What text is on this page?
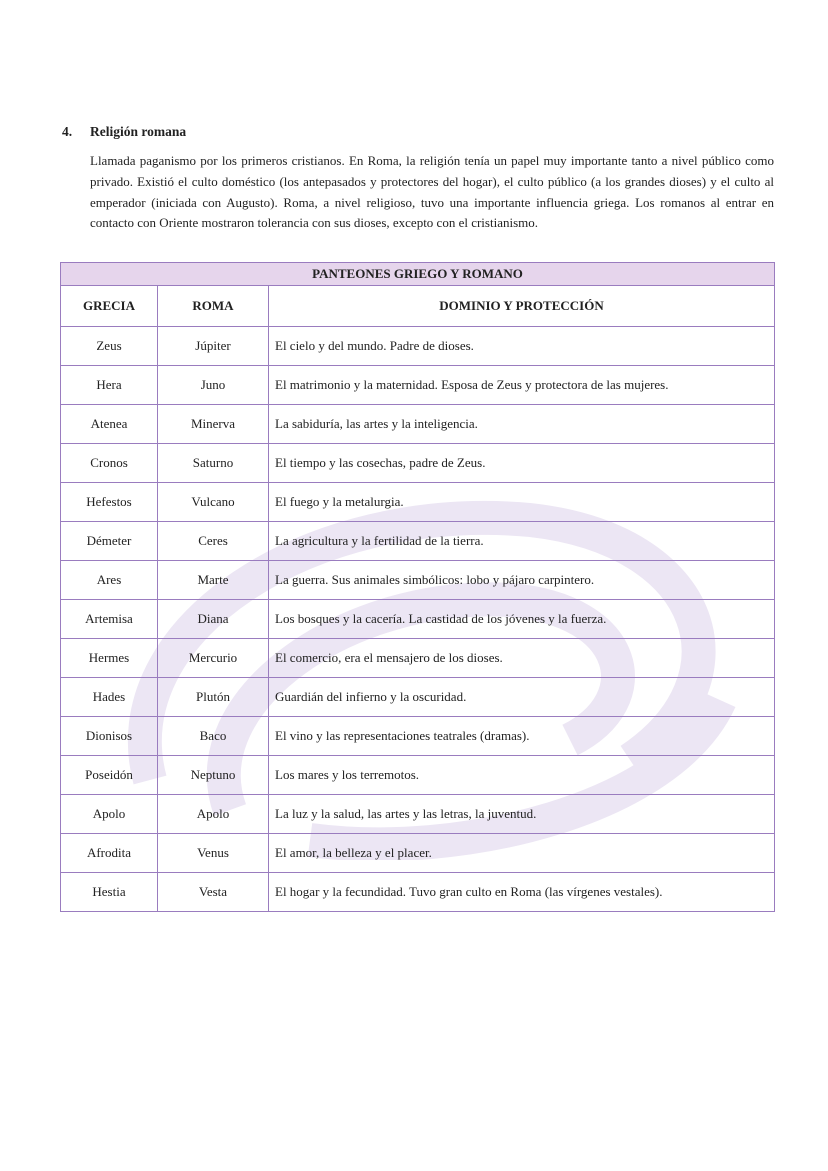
4. Religión romana
Llamada paganismo por los primeros cristianos. En Roma, la religión tenía un papel muy importante tanto a nivel público como privado. Existió el culto doméstico (los antepasados y protectores del hogar), el culto público (a los grandes dioses) y el culto al emperador (iniciada con Augusto). Roma, a nivel religioso, tuvo una importante influencia griega. Los romanos al entrar en contacto con Oriente mostraron tolerancia con sus dioses, excepto con el cristianismo.
PANTEONES GRIEGO Y ROMANO		
GRECIA	ROMA	DOMINIO Y PROTECCIÓN
Zeus	Júpiter	El cielo y del mundo. Padre de dioses.
Hera	Juno	El matrimonio y la maternidad. Esposa de Zeus y protectora de las mujeres.
Atenea	Minerva	La sabiduría, las artes y la inteligencia.
Cronos	Saturno	El tiempo y las cosechas, padre de Zeus.
Hefestos	Vulcano	El fuego y la metalurgia.
Démeter	Ceres	La agricultura y la fertilidad de la tierra.
Ares	Marte	La guerra. Sus animales simbólicos: lobo y pájaro carpintero.
Artemisa	Diana	Los bosques y la cacería. La castidad de los jóvenes y la fuerza.
Hermes	Mercurio	El comercio, era el mensajero de los dioses.
Hades	Plutón	Guardián del infierno y la oscuridad.
Dionisos	Baco	El vino y las representaciones teatrales (dramas).
Poseidón	Neptuno	Los mares y los terremotos.
Apolo	Apolo	La luz y la salud, las artes y las letras, la juventud.
Afrodita	Venus	El amor, la belleza y el placer.
Hestia	Vesta	El hogar y la fecundidad. Tuvo gran culto en Roma (las vírgenes vestales).
